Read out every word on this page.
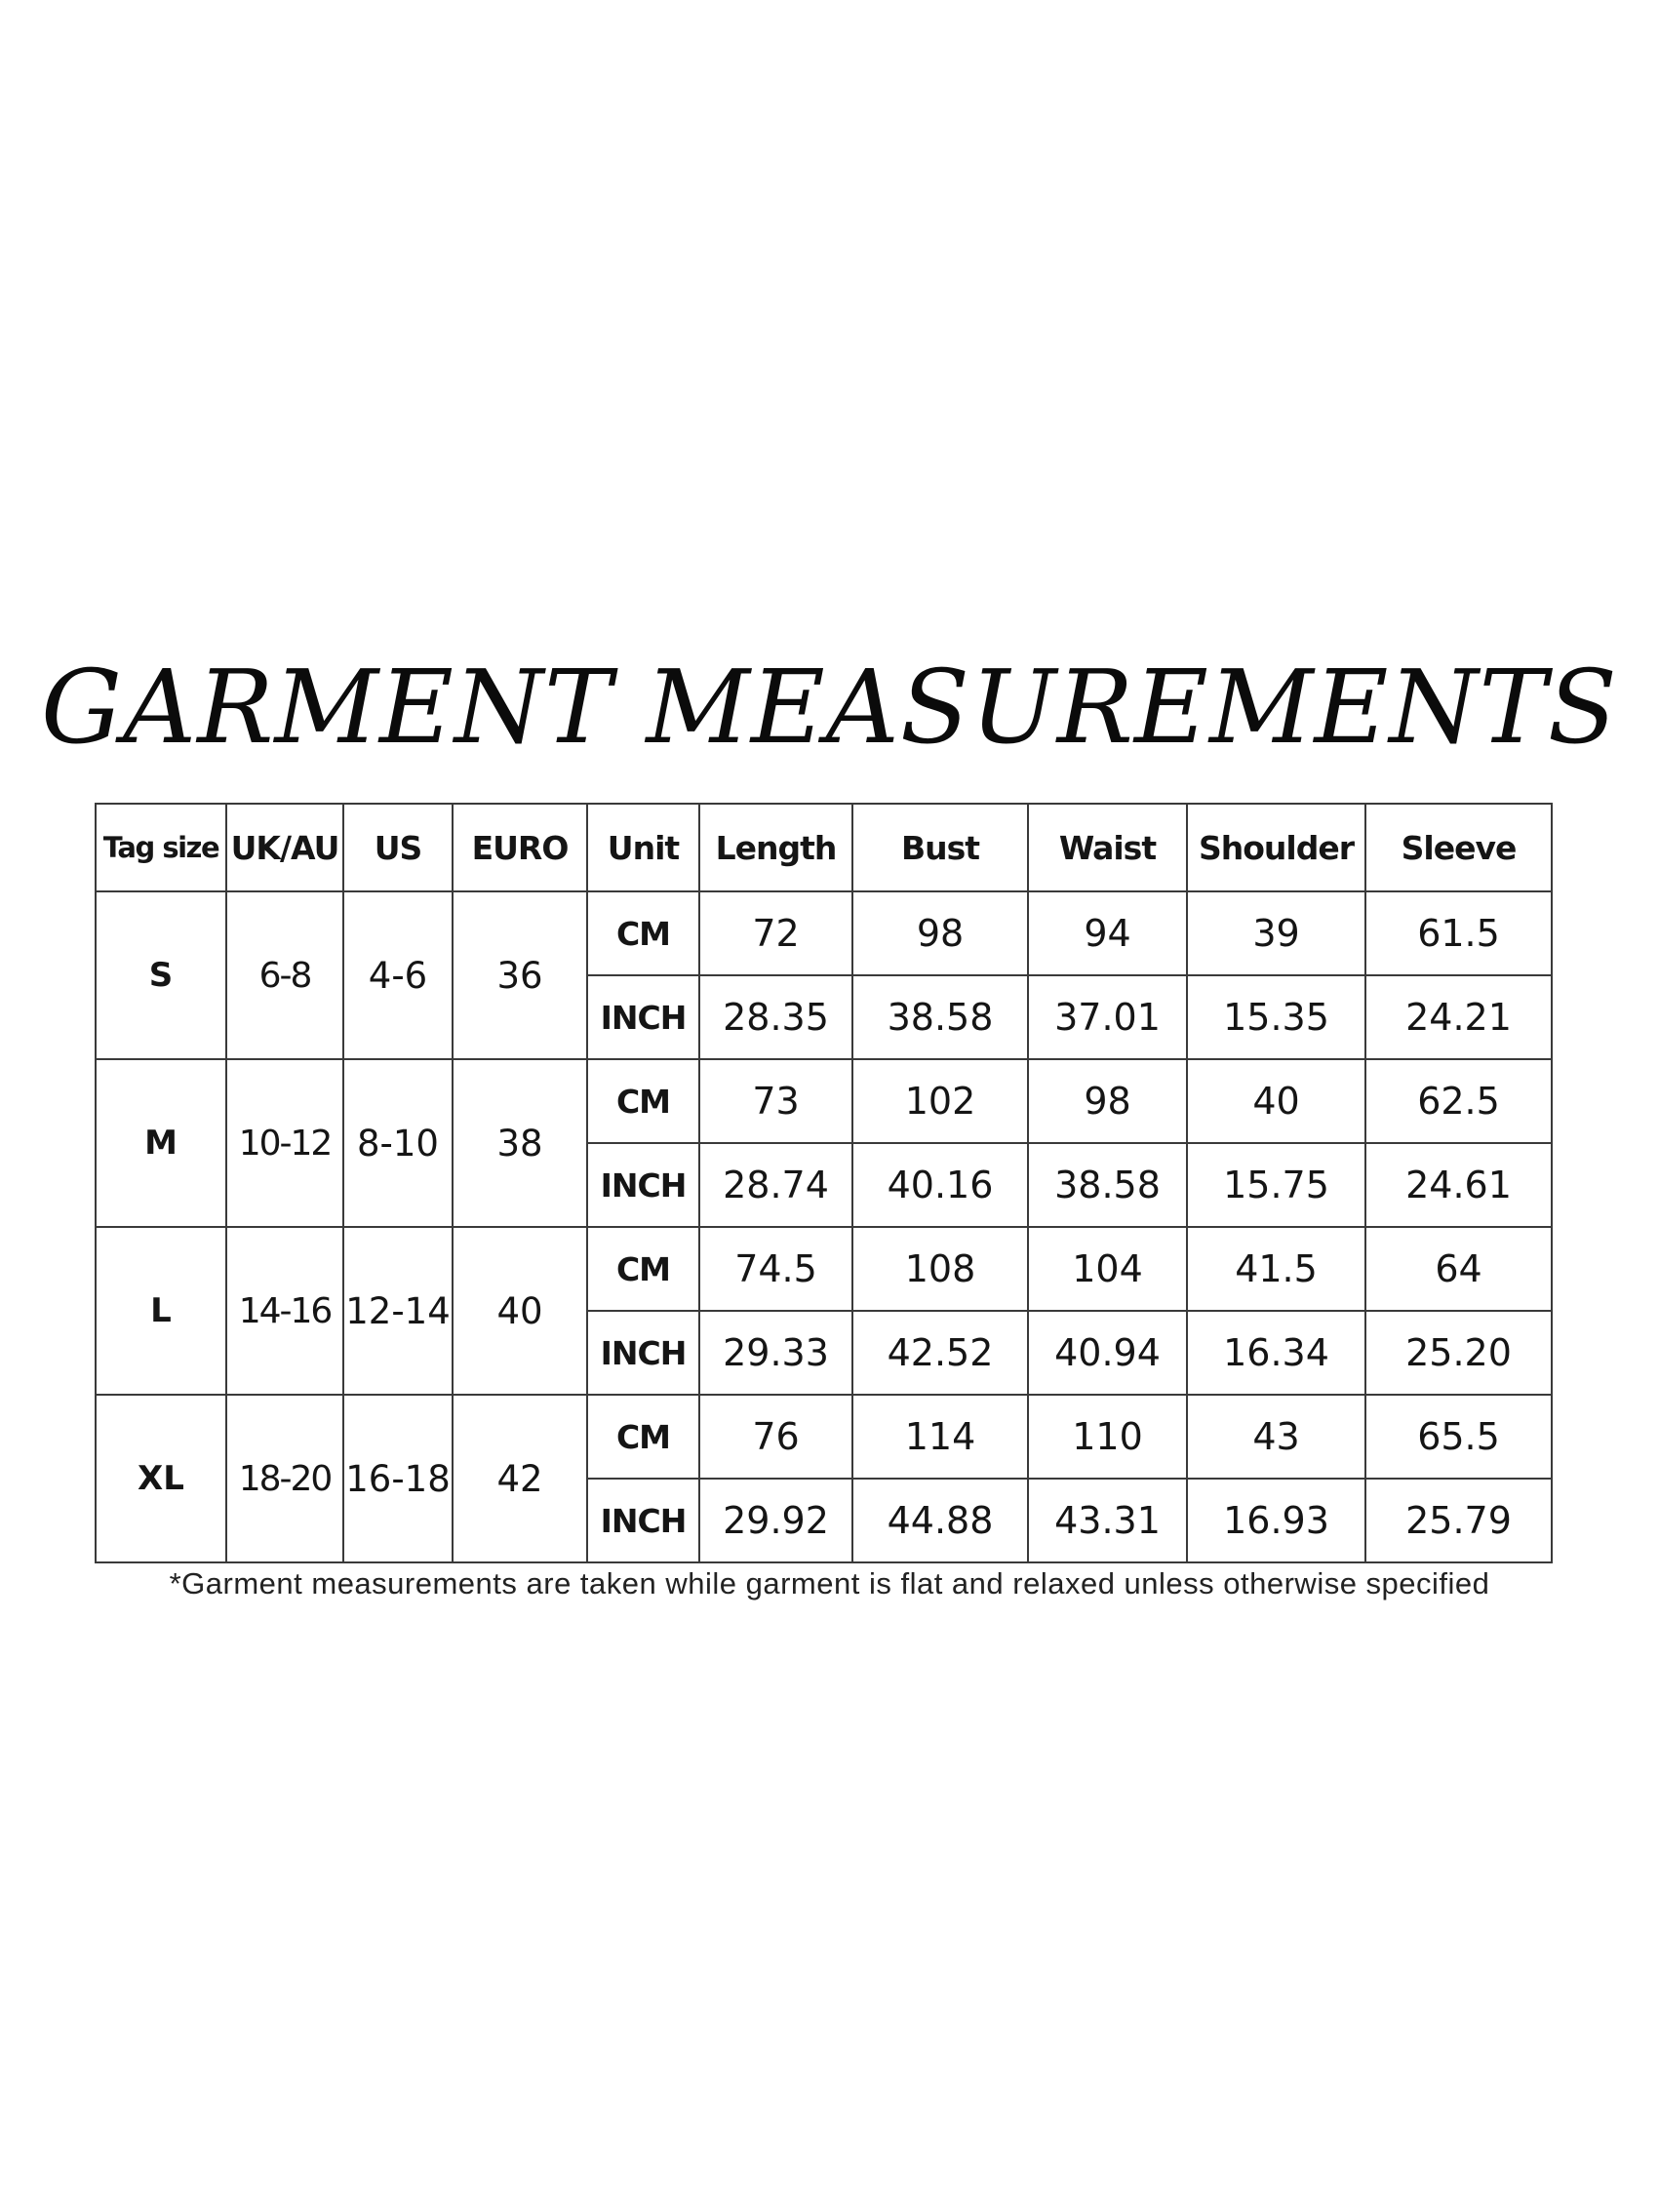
GARMENT MEASUREMENTS
Tag size	UK/AU	US	EURO	Unit	Length	Bust	Waist	Shoulder	Sleeve
S	6-8	4-6	36	CM	72	98	94	39	61.5
				INCH	28.35	38.58	37.01	15.35	24.21
M	10-12	8-10	38	CM	73	102	98	40	62.5
				INCH	28.74	40.16	38.58	15.75	24.61
L	14-16	12-14	40	CM	74.5	108	104	41.5	64
				INCH	29.33	42.52	40.94	16.34	25.20
XL	18-20	16-18	42	CM	76	114	110	43	65.5
				INCH	29.92	44.88	43.31	16.93	25.79
*Garment measurements are taken while garment is flat and relaxed unless otherwise specified
